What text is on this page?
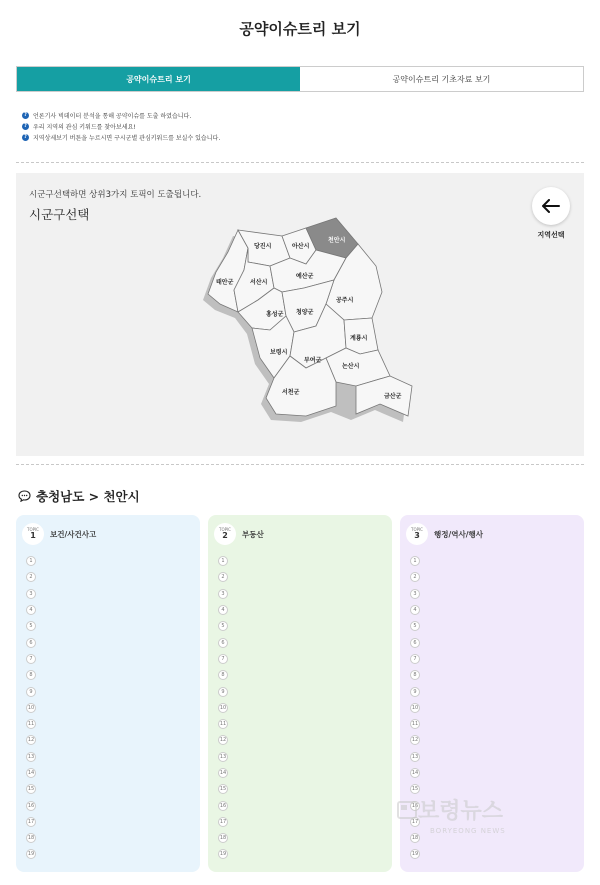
공약이슈트리 보기
공약이슈트리 보기	공약이슈트리 기초자료 보기
?	언론기사 빅데이터 분석을 통해 공약이슈를 도출 하였습니다.
?	우리 지역의 관심 키워드를 찾아보세요!
?	지역상세보기 버튼을 누르시면 구시군별 관심키워드를 보실수 있습니다.
시군구선택하면 상위3가지 토픽이 도출됩니다.
시군구선택
태안군
당진시	아산시
천안시
서산시
예산군
홍성군 청양군
공주시
보령시
부여군
계룡시
논산시
서천군
금산군
지역선택
충청남도 > 천안시
TOPIC
1 보건/사건사고
1
2
3
4
5
6
7
8
9
10
11
12
13
14
15
16
17
18
19
TOPIC
2 부동산
1
2
3
4
5
6
7
8
9
10
11
12
13
14
15
16
17
18
19
TOPIC
3 행정/역사/행사
1
2
3
4
5
6
7
8
9
10
11
12
13
14
15
16
17
18
19
보령뉴스
BORYEONG NEWS
